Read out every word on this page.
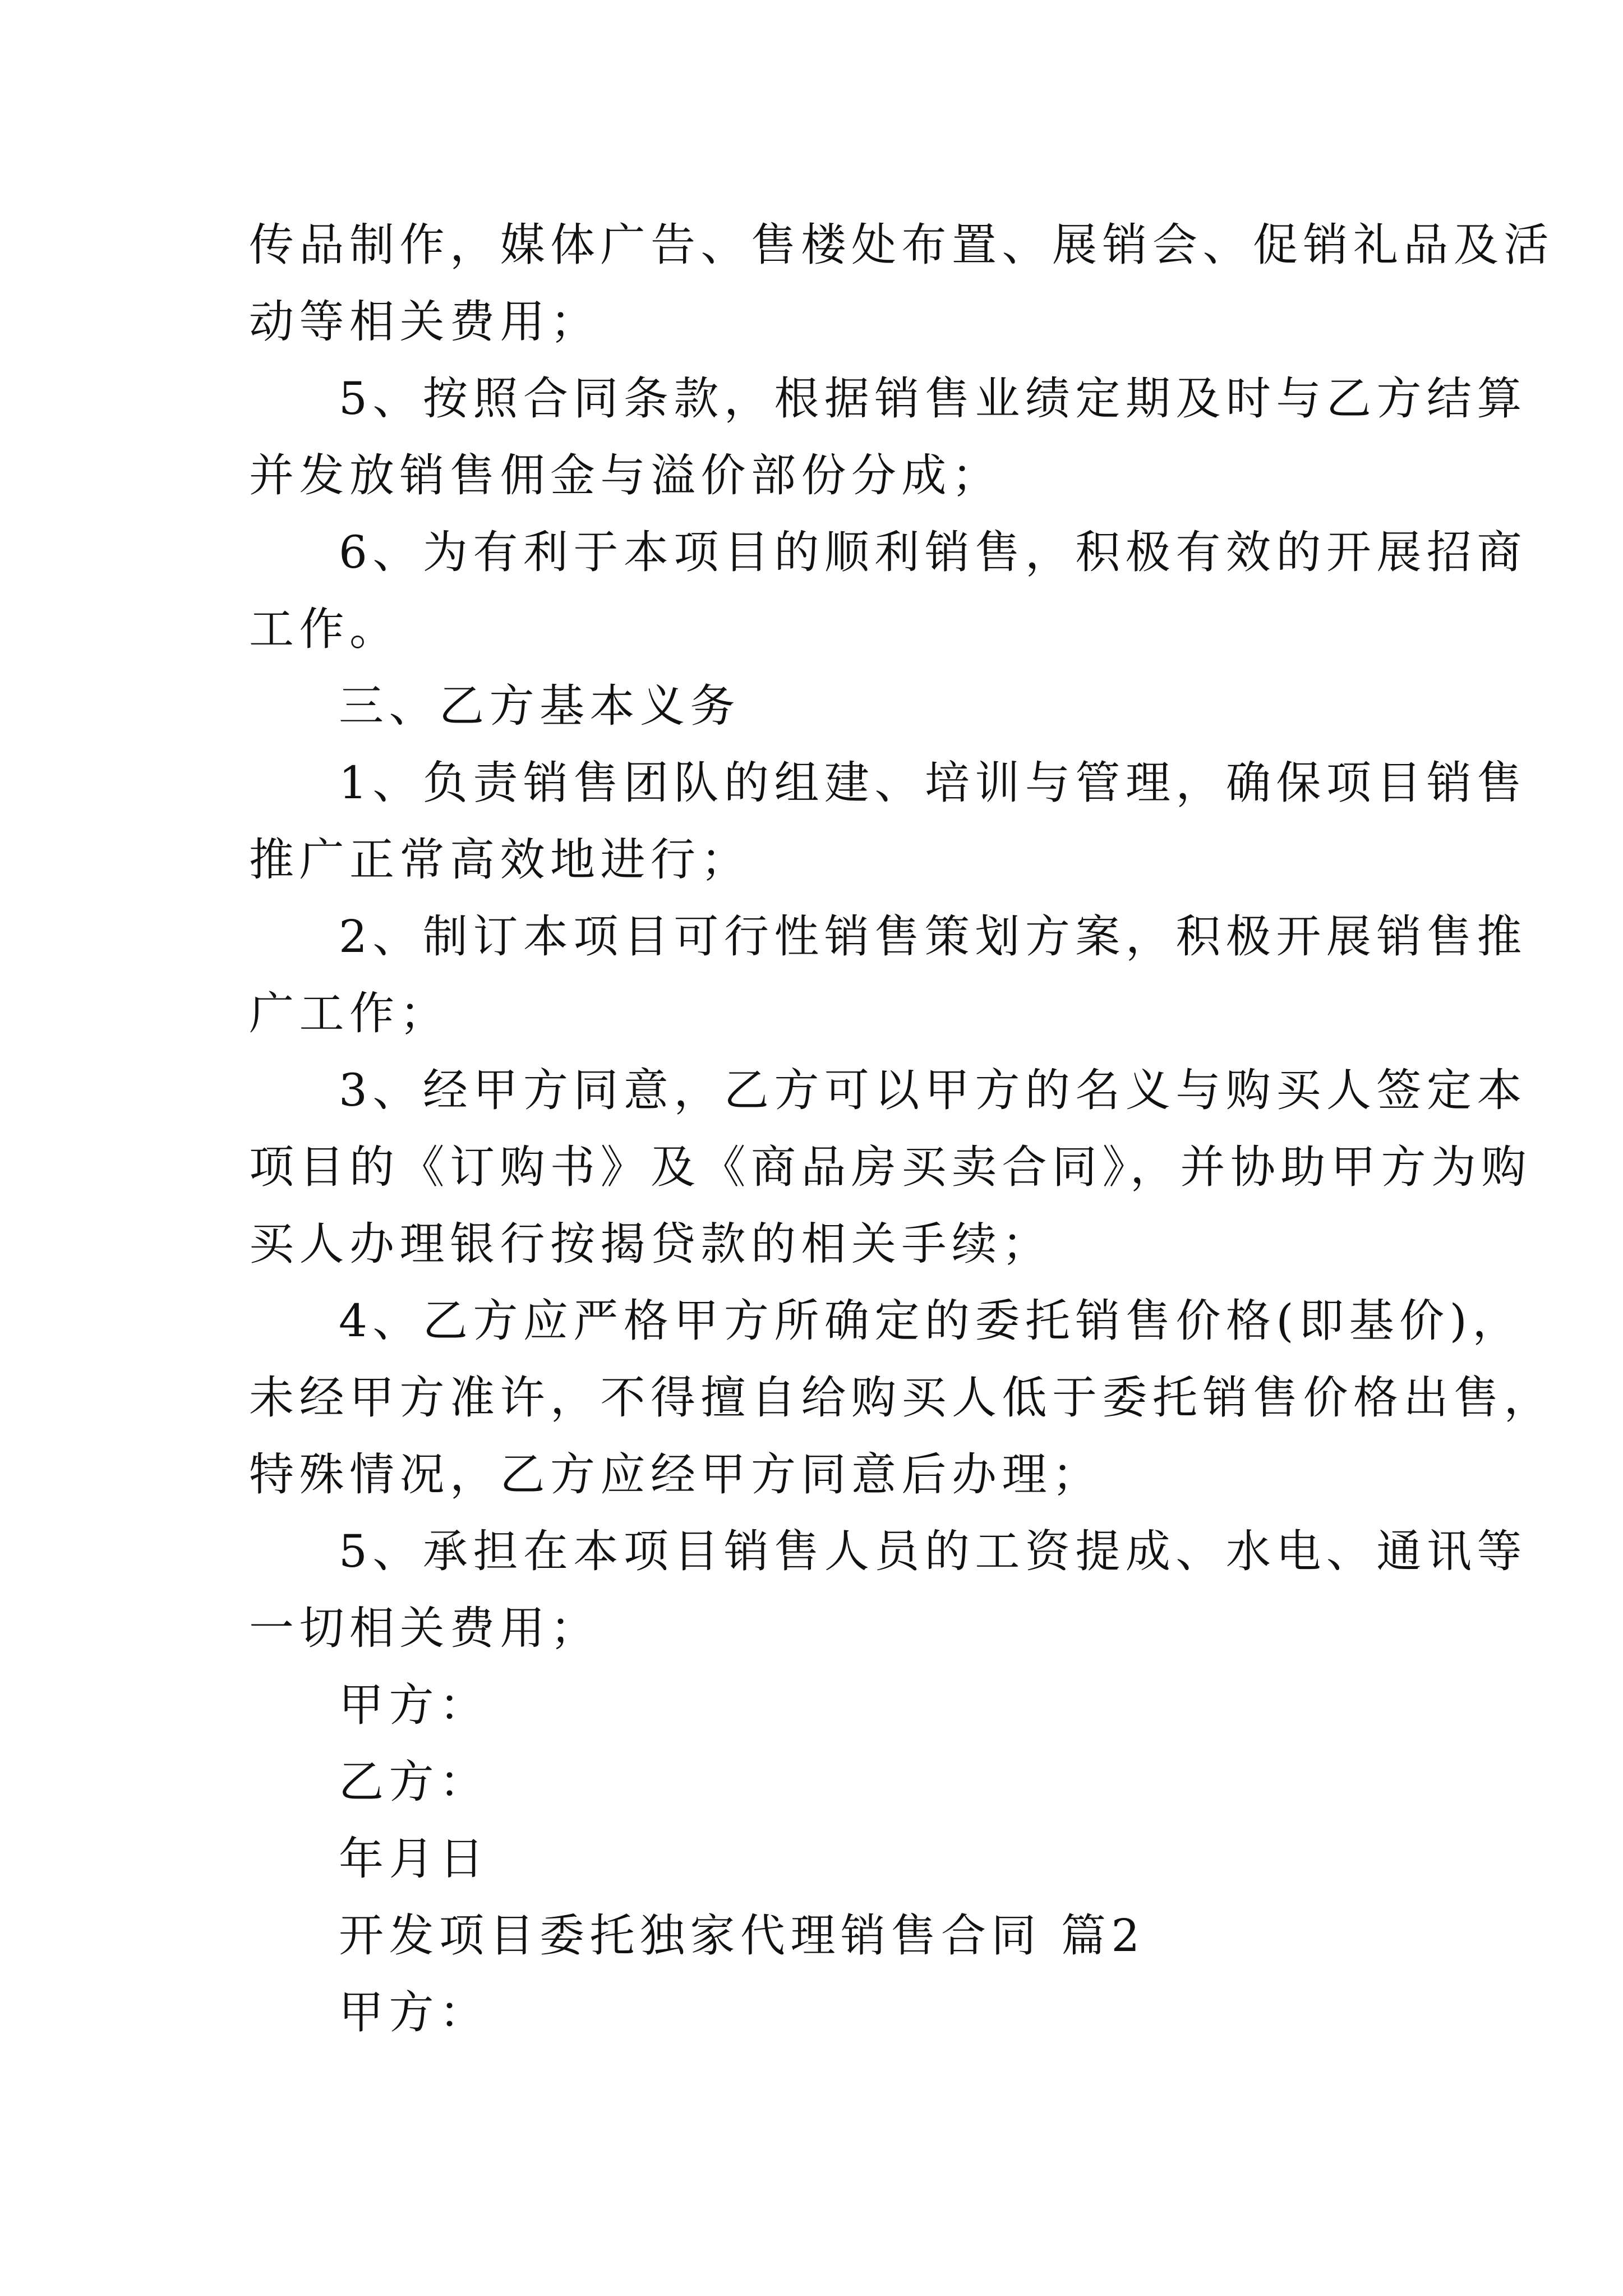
传品制作，媒体广告、售楼处布置、展销会、促销礼品及活

动等相关费用；

5、按照合同条款，根据销售业绩定期及时与乙方结算

并发放销售佣金与溢价部份分成；

6、为有利于本项目的顺利销售，积极有效的开展招商

工作。

三、乙方基本义务

1、负责销售团队的组建、培训与管理，确保项目销售

推广正常高效地进行；

2、制订本项目可行性销售策划方案，积极开展销售推

广工作；

3、经甲方同意，乙方可以甲方的名义与购买人签定本

项目的《订购书》及《商品房买卖合同》，并协助甲方为购

买人办理银行按揭贷款的相关手续；

4、乙方应严格甲方所确定的委托销售价格(即基价)，

未经甲方准许，不得擅自给购买人低于委托销售价格出售，

特殊情况，乙方应经甲方同意后办理；

5、承担在本项目销售人员的工资提成、水电、通讯等

一切相关费用；

甲方：

乙方：

年月日

开发项目委托独家代理销售合同 篇2

甲方：
